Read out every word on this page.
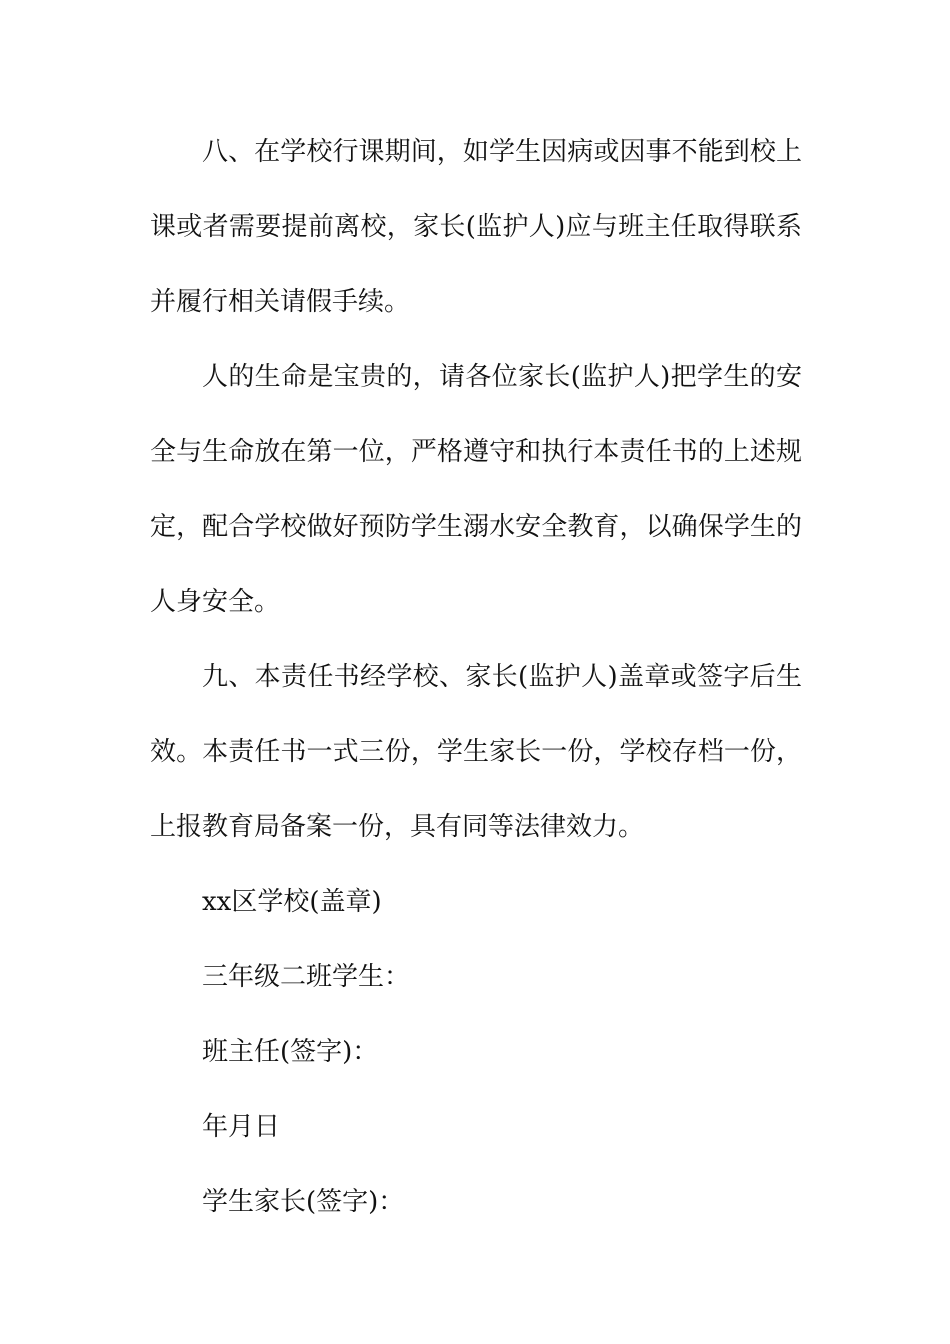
八、在学校行课期间，如学生因病或因事不能到校上课或者需要提前离校，家长(监护人)应与班主任取得联系并履行相关请假手续。

人的生命是宝贵的，请各位家长(监护人)把学生的安全与生命放在第一位，严格遵守和执行本责任书的上述规定，配合学校做好预防学生溺水安全教育，以确保学生的人身安全。

九、本责任书经学校、家长(监护人)盖章或签字后生效。本责任书一式三份，学生家长一份，学校存档一份，上报教育局备案一份，具有同等法律效力。

xx区学校(盖章)

三年级二班学生：

班主任(签字)：

年月日

学生家长(签字)：
